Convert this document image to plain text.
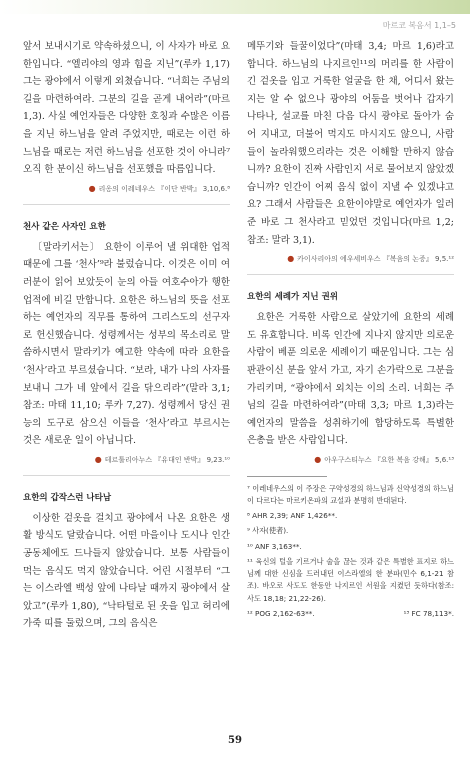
마르코 복음서 1,1–5

앞서 보내시기로 약속하셨으니, 이 사자가 바로 요한입니다. “엘리야의 영과 힘을 지닌”(루카 1,17) 그는 광야에서 이렇게 외쳤습니다. “너희는 주님의 길을 마련하여라. 그분의 길을 곧게 내어라”(마르 1,3). 사실 예언자들은 다양한 호칭과 수많은 이름을 지닌 하느님을 알려 주었지만, 때로는 이런 하느님을 때로는 저런 하느님을 선포한 것이 아니라⁷ 오직 한 분이신 하느님을 선포했을 따름입니다.

● 리옹의 이레네우스 『이단 반박』 3,10,6.⁸
천사 같은 사자인 요한

〔말라키서는〕 요한이 이루어 낼 위대한 업적 때문에 그를 ‘천사’⁹라 불렀습니다. 이것은 이미 여러분이 읽어 보았듯이 눈의 아들 여호수아가 행한 업적에 비길 만합니다. 요한은 하느님의 뜻을 선포하는 예언자의 직무를 통하여 그리스도의 선구자로 헌신했습니다. 성령께서는 성부의 목소리로 말씀하시면서 말라키가 예고한 약속에 따라 요한을 ‘천사’라고 부르셨습니다. “보라, 내가 나의 사자를 보내니 그가 네 앞에서 길을 닦으리라”(말라 3,1; 참조: 마태 11,10; 루카 7,27). 성령께서 당신 권능의 도구로 삼으신 이들을 ‘천사’라고 부르시는 것은 새로운 일이 아닙니다.

● 테르툴리아누스 『유대인 반박』 9,23.¹⁰
요한의 갑작스런 나타남

이상한 겉옷을 걸치고 광야에서 나온 요한은 생활 방식도 달랐습니다. 어떤 마을이나 도시나 인간 공동체에도 드나들지 않았습니다. 보통 사람들이 먹는 음식도 먹지 않았습니다. 어린 시절부터 “그는 이스라엘 백성 앞에 나타날 때까지 광야에서 살았고”(루카 1,80), “낙타털로 된 옷을 입고 허리에 가죽 띠를 둘렀으며, 그의 음식은

메뚜기와 들꿀이었다”(마태 3,4; 마르 1,6)라고 합니다. 하느님의 나지르인¹¹의 머리를 한 사람이 긴 겉옷을 입고 거룩한 얼굴을 한 채, 어디서 왔는지는 알 수 없으나 광야의 어둠을 벗어나 갑자기 나타나, 설교를 마친 다음 다시 광야로 돌아가 숨어 지내고, 더불어 먹지도 마시지도 않으니, 사람들이 놀라워했으리라는 것은 이해할 만하지 않습니까? 요한이 진짜 사람인지 서로 물어보지 않았겠습니까? 인간이 어찌 음식 없이 지낼 수 있겠냐고요? 그래서 사람들은 요한이야말로 예언자가 일러 준 바로 그 천사라고 믿었던 것입니다(마르 1,2; 참조: 말라 3,1).

● 카이사리아의 에우세비우스 『복음의 논증』 9,5.¹²
요한의 세례가 지닌 권위

요한은 거룩한 사람으로 살았기에 요한의 세례도 유효합니다. 비록 인간에 지나지 않지만 의로운 사람이 베푼 의로운 세례이기 때문입니다. 그는 심판관이신 분을 앞서 가고, 자기 손가락으로 그분을 가리키며, “광야에서 외치는 이의 소리. 너희는 주님의 길을 마련하여라”(마태 3,3; 마르 1,3)라는 예언자의 말씀을 성취하기에 합당하도록 특별한 은총을 받은 사람입니다.

● 아우구스티누스 『요한 복음 강해』 5,6.¹³

⁷ 이레네우스의 이 주장은 구약성경의 하느님과 신약성경의 하느님이 다르다는 마르키온파의 교설과 분명히 반대된다.

⁸ AHR 2,39; ANF 1,426**.

⁹ 사자(使者).

¹⁰ ANF 3,163**.

¹¹ 육신의 털을 기르거나 술을 끊는 것과 같은 특별한 표지로 하느님께 대한 신심을 드러내던 이스라엘의 한 분파(민수 6,1-21 참조). 바오로 사도도 한동안 나지르인 서원을 지켰던 듯하다(참조: 사도 18,18; 21,22-26).

¹² POG 2,162-63**.	¹³ FC 78,113*.
59
